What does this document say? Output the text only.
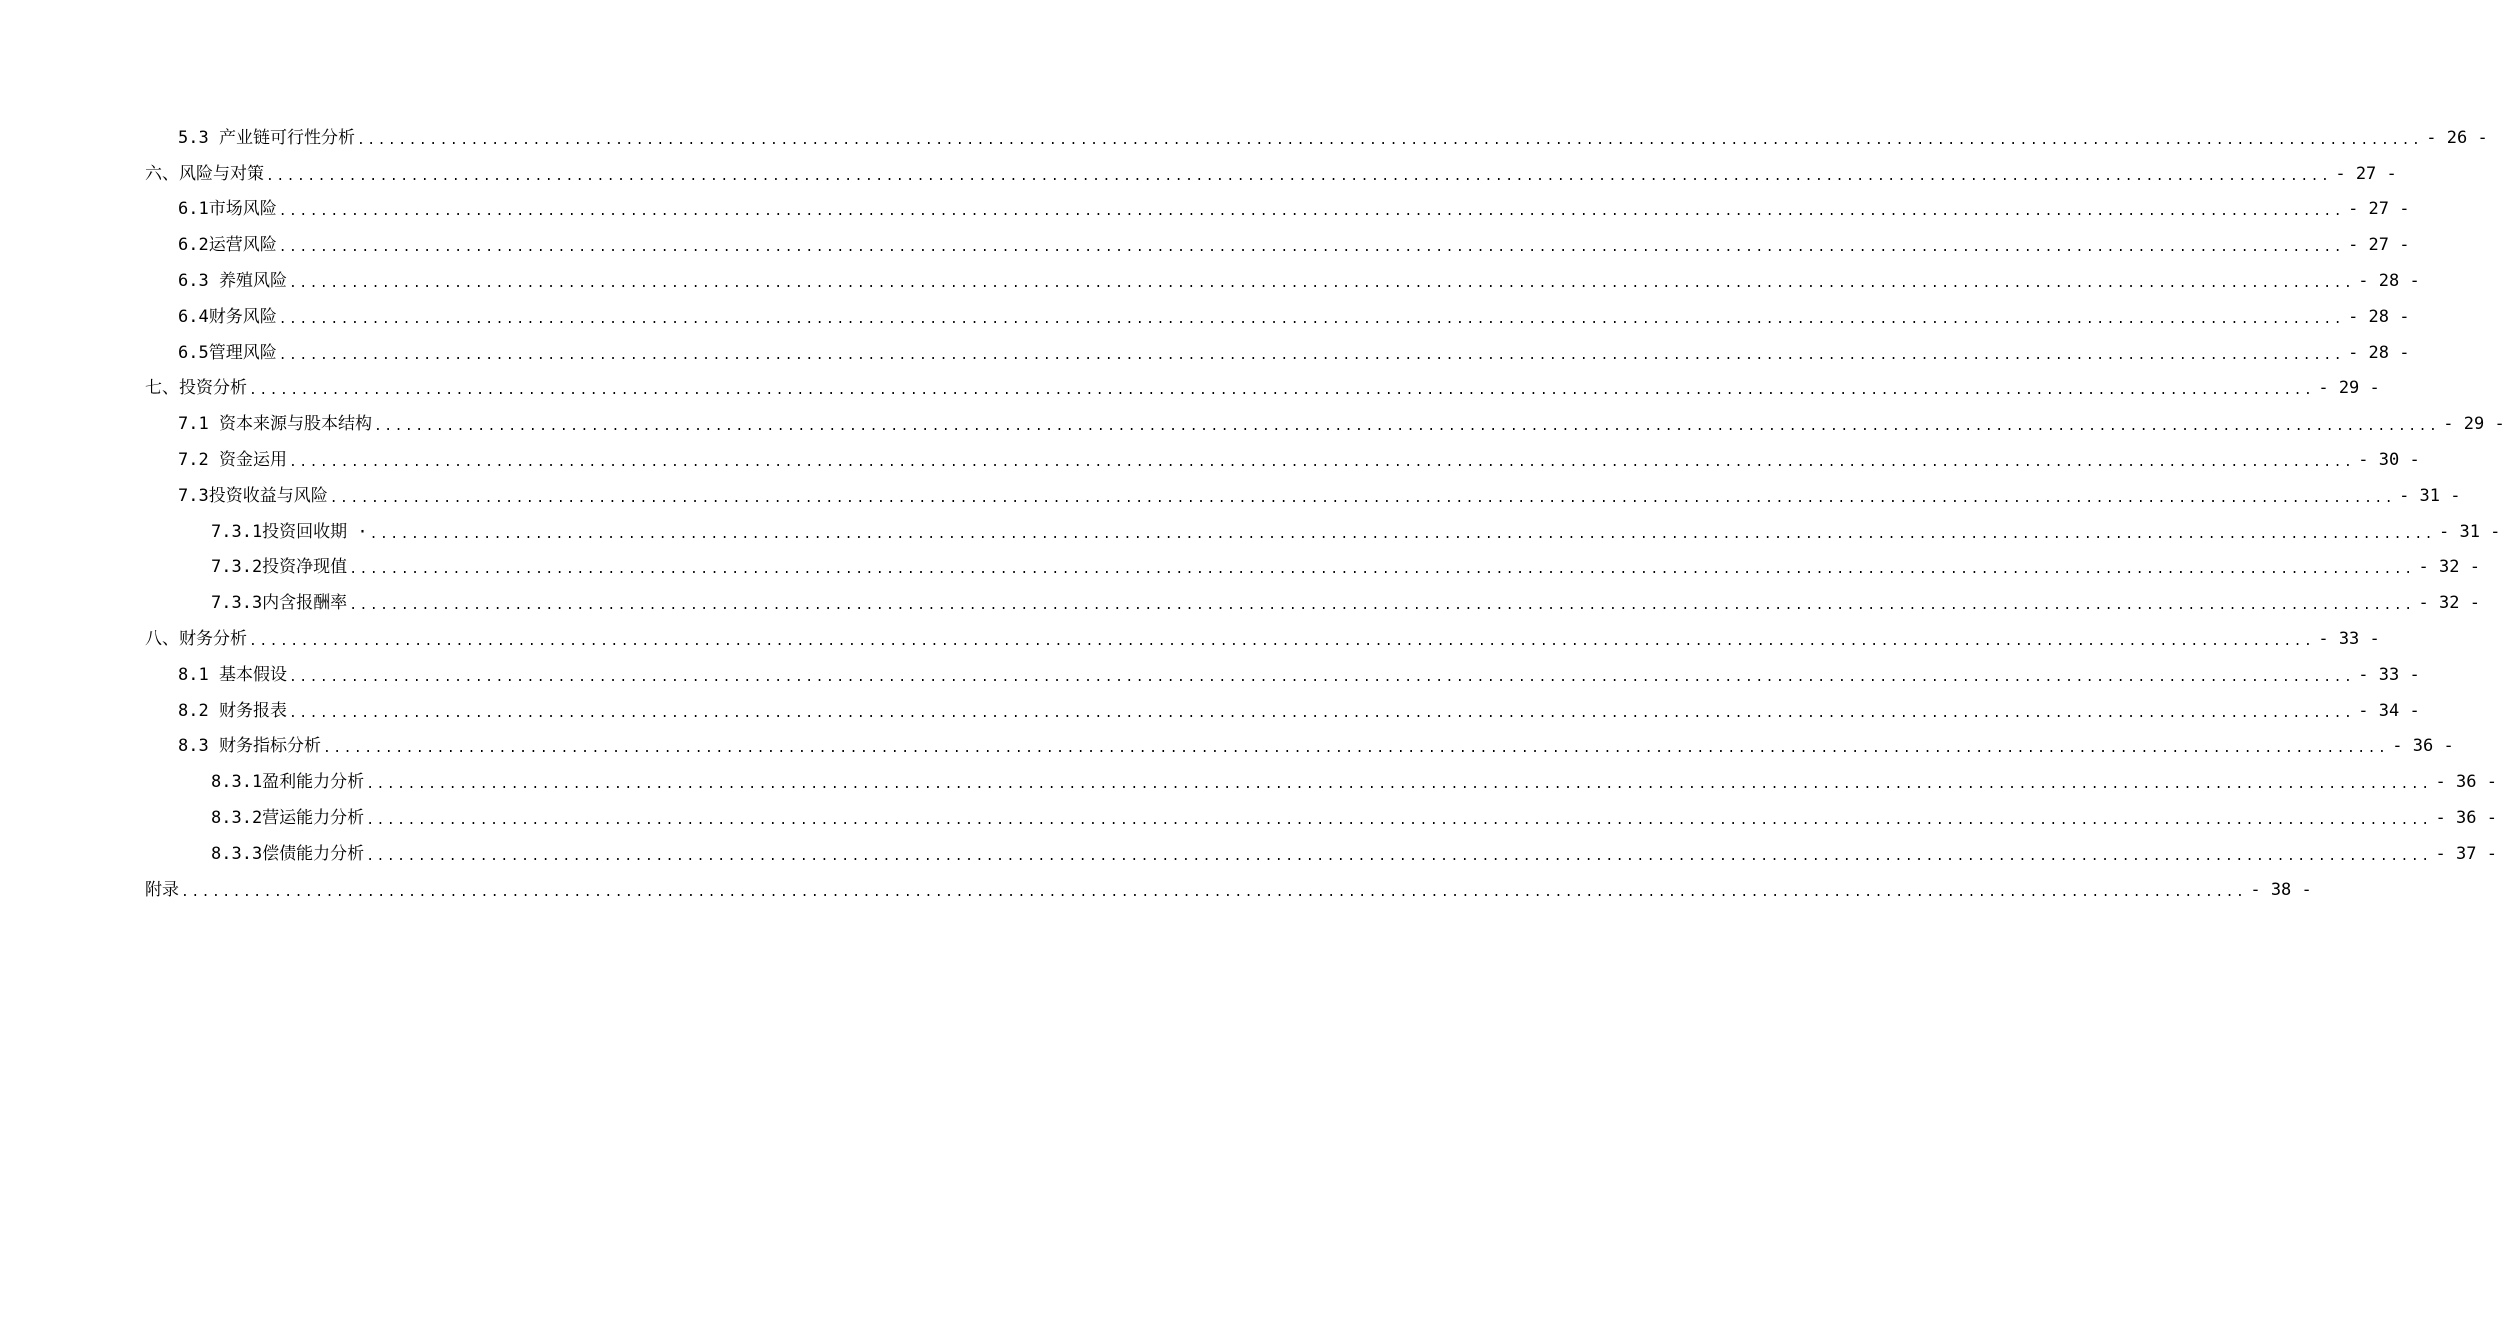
5.3 产业链可行性分析 ........................................................................................................................................................................................................ - 26 -
六、风险与对策 ........................................................................................................................................................................................................ - 27 -
6.1市场风险 ........................................................................................................................................................................................................ - 27 -
6.2运营风险 ........................................................................................................................................................................................................ - 27 -
6.3 养殖风险 ........................................................................................................................................................................................................ - 28 -
6.4财务风险 ........................................................................................................................................................................................................ - 28 -
6.5管理风险 ........................................................................................................................................................................................................ - 28 -
七、投资分析 ........................................................................................................................................................................................................ - 29 -
7.1 资本来源与股本结构 ........................................................................................................................................................................................................ - 29 -
7.2 资金运用 ........................................................................................................................................................................................................ - 30 -
7.3投资收益与风险 ........................................................................................................................................................................................................ - 31 -
7.3.1投资回收期 · ........................................................................................................................................................................................................ - 31 -
7.3.2投资净现值 ........................................................................................................................................................................................................ - 32 -
7.3.3内含报酬率 ........................................................................................................................................................................................................ - 32 -
八、财务分析 ........................................................................................................................................................................................................ - 33 -
8.1 基本假设 ........................................................................................................................................................................................................ - 33 -
8.2 财务报表 ........................................................................................................................................................................................................ - 34 -
8.3 财务指标分析 ........................................................................................................................................................................................................ - 36 -
8.3.1盈利能力分析 ........................................................................................................................................................................................................ - 36 -
8.3.2营运能力分析 ........................................................................................................................................................................................................ - 36 -
8.3.3偿债能力分析 ........................................................................................................................................................................................................ - 37 -
附录 ........................................................................................................................................................................................................ - 38 -
